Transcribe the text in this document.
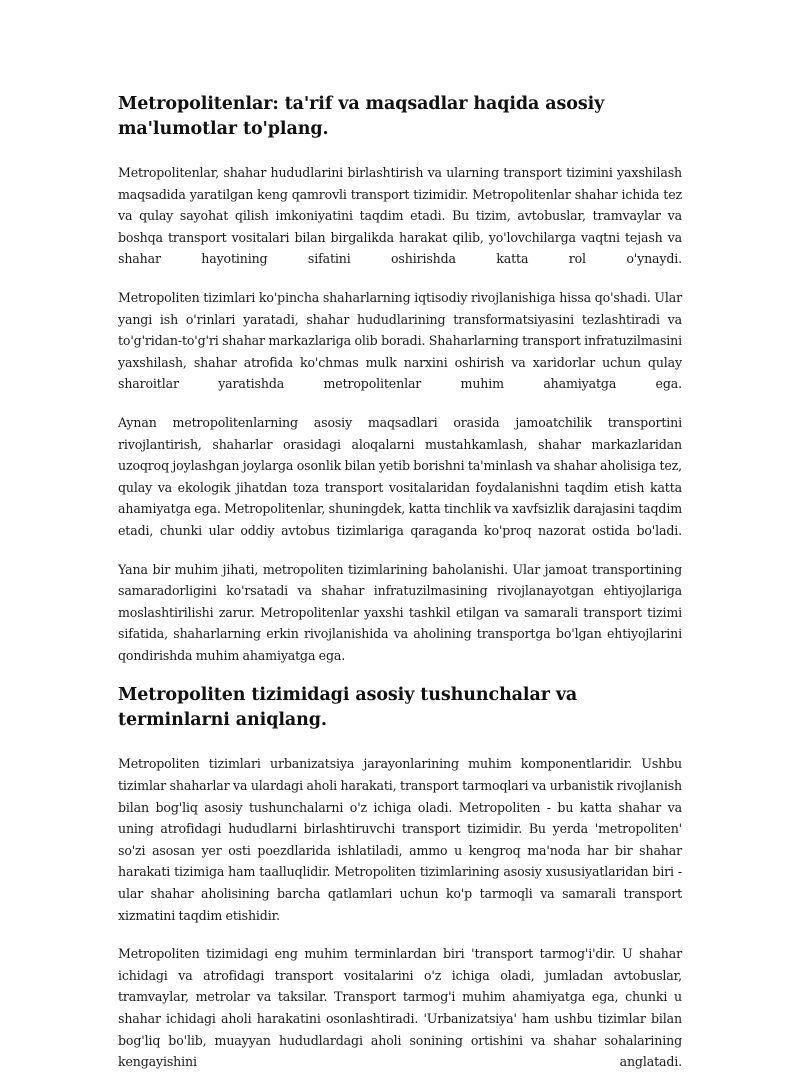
Metropolitenlar: ta'rif va maqsadlar haqida asosiy ma'lumotlar to'plang.

Metropolitenlar, shahar hududlarini birlashtirish va ularning transport tizimini yaxshilash maqsadida yaratilgan keng qamrovli transport tizimidir. Metropolitenlar shahar ichida tez va qulay sayohat qilish imkoniyatini taqdim etadi. Bu tizim, avtobuslar, tramvaylar va boshqa transport vositalari bilan birgalikda harakat qilib, yo'lovchilarga vaqtni tejash va shahar hayotining sifatini oshirishda katta rol o'ynaydi.

Metropoliten tizimlari ko'pincha shaharlarning iqtisodiy rivojlanishiga hissa qo'shadi. Ular yangi ish o'rinlari yaratadi, shahar hududlarining transformatsiyasini tezlashtiradi va to'g'ridan-to'g'ri shahar markazlariga olib boradi. Shaharlarning transport infratuzilmasini yaxshilash, shahar atrofida ko'chmas mulk narxini oshirish va xaridorlar uchun qulay sharoitlar yaratishda metropolitenlar muhim ahamiyatga ega.

Aynan metropolitenlarning asosiy maqsadlari orasida jamoatchilik transportini rivojlantirish, shaharlar orasidagi aloqalarni mustahkamlash, shahar markazlaridan uzoqroq joylashgan joylarga osonlik bilan yetib borishni ta'minlash va shahar aholisiga tez, qulay va ekologik jihatdan toza transport vositalaridan foydalanishni taqdim etish katta ahamiyatga ega. Metropolitenlar, shuningdek, katta tinchlik va xavfsizlik darajasini taqdim etadi, chunki ular oddiy avtobus tizimlariga qaraganda ko'proq nazorat ostida bo'ladi.

Yana bir muhim jihati, metropoliten tizimlarining baholanishi. Ular jamoat transportining samaradorligini ko'rsatadi va shahar infratuzilmasining rivojlanayotgan ehtiyojlariga moslashtirilishi zarur. Metropolitenlar yaxshi tashkil etilgan va samarali transport tizimi sifatida, shaharlarning erkin rivojlanishida va aholining transportga bo'lgan ehtiyojlarini qondirishda muhim ahamiyatga ega.

Metropoliten tizimidagi asosiy tushunchalar va terminlarni aniqlang.

Metropoliten tizimlari urbanizatsiya jarayonlarining muhim komponentlaridir. Ushbu tizimlar shaharlar va ulardagi aholi harakati, transport tarmoqlari va urbanistik rivojlanish bilan bog'liq asosiy tushunchalarni o'z ichiga oladi. Metropoliten - bu katta shahar va uning atrofidagi hududlarni birlashtiruvchi transport tizimidir. Bu yerda 'metropoliten' so'zi asosan yer osti poezdlarida ishlatiladi, ammo u kengroq ma'noda har bir shahar harakati tizimiga ham taalluqlidir. Metropoliten tizimlarining asosiy xususiyatlaridan biri - ular shahar aholisining barcha qatlamlari uchun ko'p tarmoqli va samarali transport xizmatini taqdim etishidir.

Metropoliten tizimidagi eng muhim terminlardan biri 'transport tarmog'i'dir. U shahar ichidagi va atrofidagi transport vositalarini o'z ichiga oladi, jumladan avtobuslar, tramvaylar, metrolar va taksilar. Transport tarmog'i muhim ahamiyatga ega, chunki u shahar ichidagi aholi harakatini osonlashtiradi. 'Urbanizatsiya' ham ushbu tizimlar bilan bog'liq bo'lib, muayyan hududlardagi aholi sonining ortishini va shahar sohalarining kengayishini anglatadi.
